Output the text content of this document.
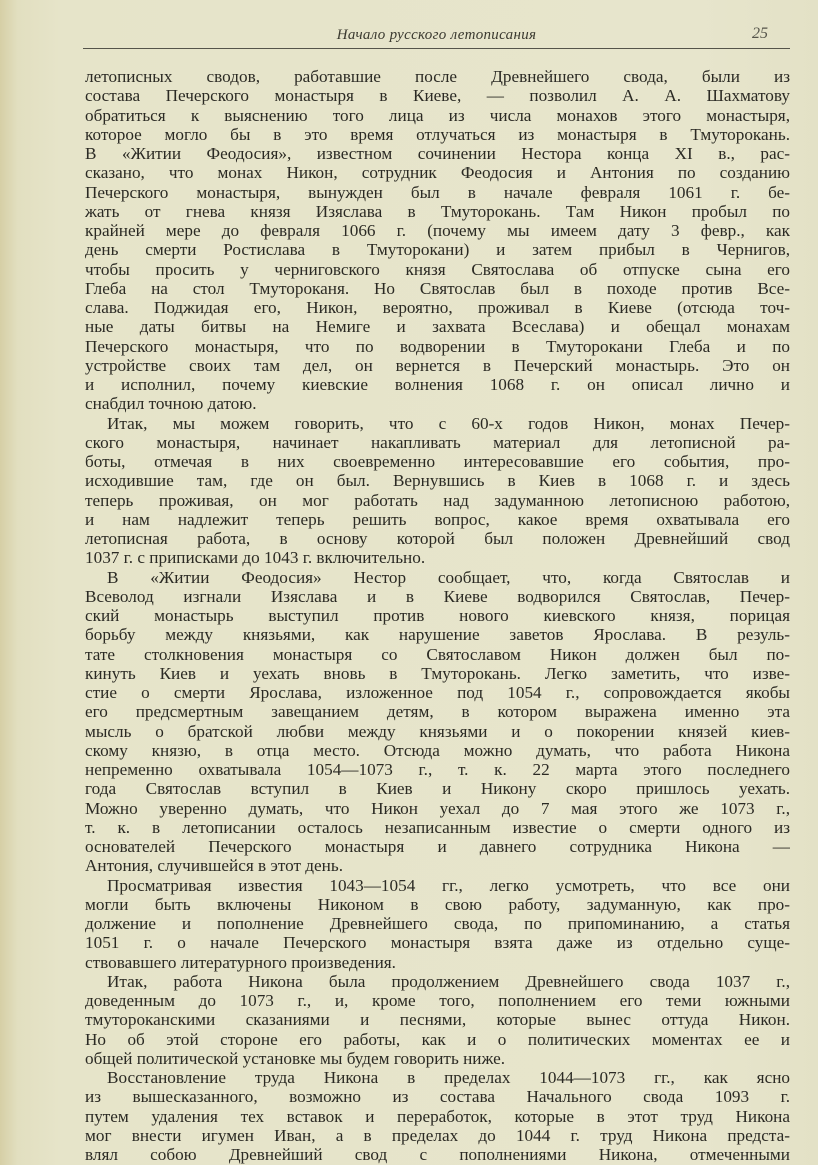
Начало русского летописания	25
летописных сводов, работавшие после Древнейшего свода, были из
состава Печерского монастыря в Киеве, — позволил А. А. Шахматову
обратиться к выяснению того лица из числа монахов этого монастыря,
которое могло бы в это время отлучаться из монастыря в Тмуторокань.
В «Житии Феодосия», известном сочинении Нестора конца XI в., рас-
сказано, что монах Никон, сотрудник Феодосия и Антония по созданию
Печерского монастыря, вынужден был в начале февраля 1061 г. бе-
жать от гнева князя Изяслава в Тмуторокань. Там Никон пробыл по
крайней мере до февраля 1066 г. (почему мы имеем дату 3 февр., как
день смерти Ростислава в Тмуторокани) и затем прибыл в Чернигов,
чтобы просить у черниговского князя Святослава об отпуске сына его
Глеба на стол Тмутороканя. Но Святослав был в походе против Все-
слава. Поджидая его, Никон, вероятно, проживал в Киеве (отсюда точ-
ные даты битвы на Немиге и захвата Всеслава) и обещал монахам
Печерского монастыря, что по водворении в Тмуторокани Глеба и по
устройстве своих там дел, он вернется в Печерский монастырь. Это он
и исполнил, почему киевские волнения 1068 г. он описал лично и
снабдил точною датою.
Итак, мы можем говорить, что с 60-х годов Никон, монах Печер-
ского монастыря, начинает накапливать материал для летописной ра-
боты, отмечая в них своевременно интересовавшие его события, про-
исходившие там, где он был. Вернувшись в Киев в 1068 г. и здесь
теперь проживая, он мог работать над задуманною летописною работою,
и нам надлежит теперь решить вопрос, какое время охватывала его
летописная работа, в основу которой был положен Древнейший свод
1037 г. с приписками до 1043 г. включительно.
В «Житии Феодосия» Нестор сообщает, что, когда Святослав и
Всеволод изгнали Изяслава и в Киеве водворился Святослав, Печер-
ский монастырь выступил против нового киевского князя, порицая
борьбу между князьями, как нарушение заветов Ярослава. В резуль-
тате столкновения монастыря со Святославом Никон должен был по-
кинуть Киев и уехать вновь в Тмуторокань. Легко заметить, что изве-
стие о смерти Ярослава, изложенное под 1054 г., сопровождается якобы
его предсмертным завещанием детям, в котором выражена именно эта
мысль о братской любви между князьями и о покорении князей киев-
скому князю, в отца место. Отсюда можно думать, что работа Никона
непременно охватывала 1054—1073 г., т. к. 22 марта этого последнего
года Святослав вступил в Киев и Никону скоро пришлось уехать.
Можно уверенно думать, что Никон уехал до 7 мая этого же 1073 г.,
т. к. в летописании осталось незаписанным известие о смерти одного из
основателей Печерского монастыря и давнего сотрудника Никона —
Антония, случившейся в этот день.
Просматривая известия 1043—1054 гг., легко усмотреть, что все они
могли быть включены Никоном в свою работу, задуманную, как про-
должение и пополнение Древнейшего свода, по припоминанию, а статья
1051 г. о начале Печерского монастыря взята даже из отдельно суще-
ствовавшего литературного произведения.
Итак, работа Никона была продолжением Древнейшего свода 1037 г.,
доведенным до 1073 г., и, кроме того, пополнением его теми южными
тмутороканскими сказаниями и песнями, которые вынес оттуда Никон.
Но об этой стороне его работы, как и о политических моментах ее и
общей политической установке мы будем говорить ниже.
Восстановление труда Никона в пределах 1044—1073 гг., как ясно
из вышесказанного, возможно из состава Начального свода 1093 г.
путем удаления тех вставок и переработок, которые в этот труд Никона
мог внести игумен Иван, а в пределах до 1044 г. труд Никона предста-
влял собою Древнейший свод с пополнениями Никона, отмеченными
